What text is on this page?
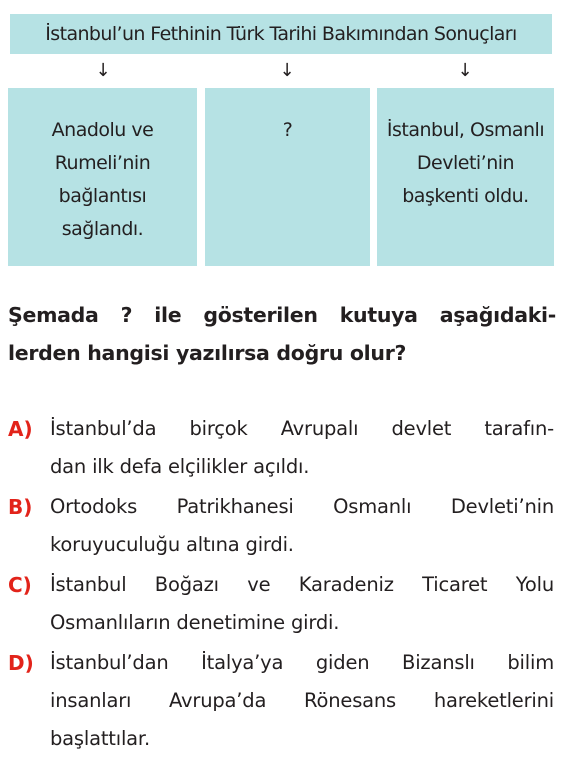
İstanbul’un Fethinin Türk Tarihi Bakımından Sonuçları
↓	↓	↓
Anadolu ve
Rumeli’nin
bağlantısı
sağlandı.
?	İstanbul, Osmanlı
Devleti’nin
başkenti oldu.
Şemada ? ile gösterilen kutuya aşağıdaki-
lerden hangisi yazılırsa doğru olur?
A) İstanbul’da birçok Avrupalı devlet tarafın-
dan ilk defa elçilikler açıldı.
B) Ortodoks Patrikhanesi Osmanlı Devleti’nin
koruyuculuğu altına girdi.
C) İstanbul Boğazı ve Karadeniz Ticaret Yolu
Osmanlıların denetimine girdi.
D) İstanbul’dan İtalya’ya giden Bizanslı bilim
insanları Avrupa’da Rönesans hareketlerini
başlattılar.
